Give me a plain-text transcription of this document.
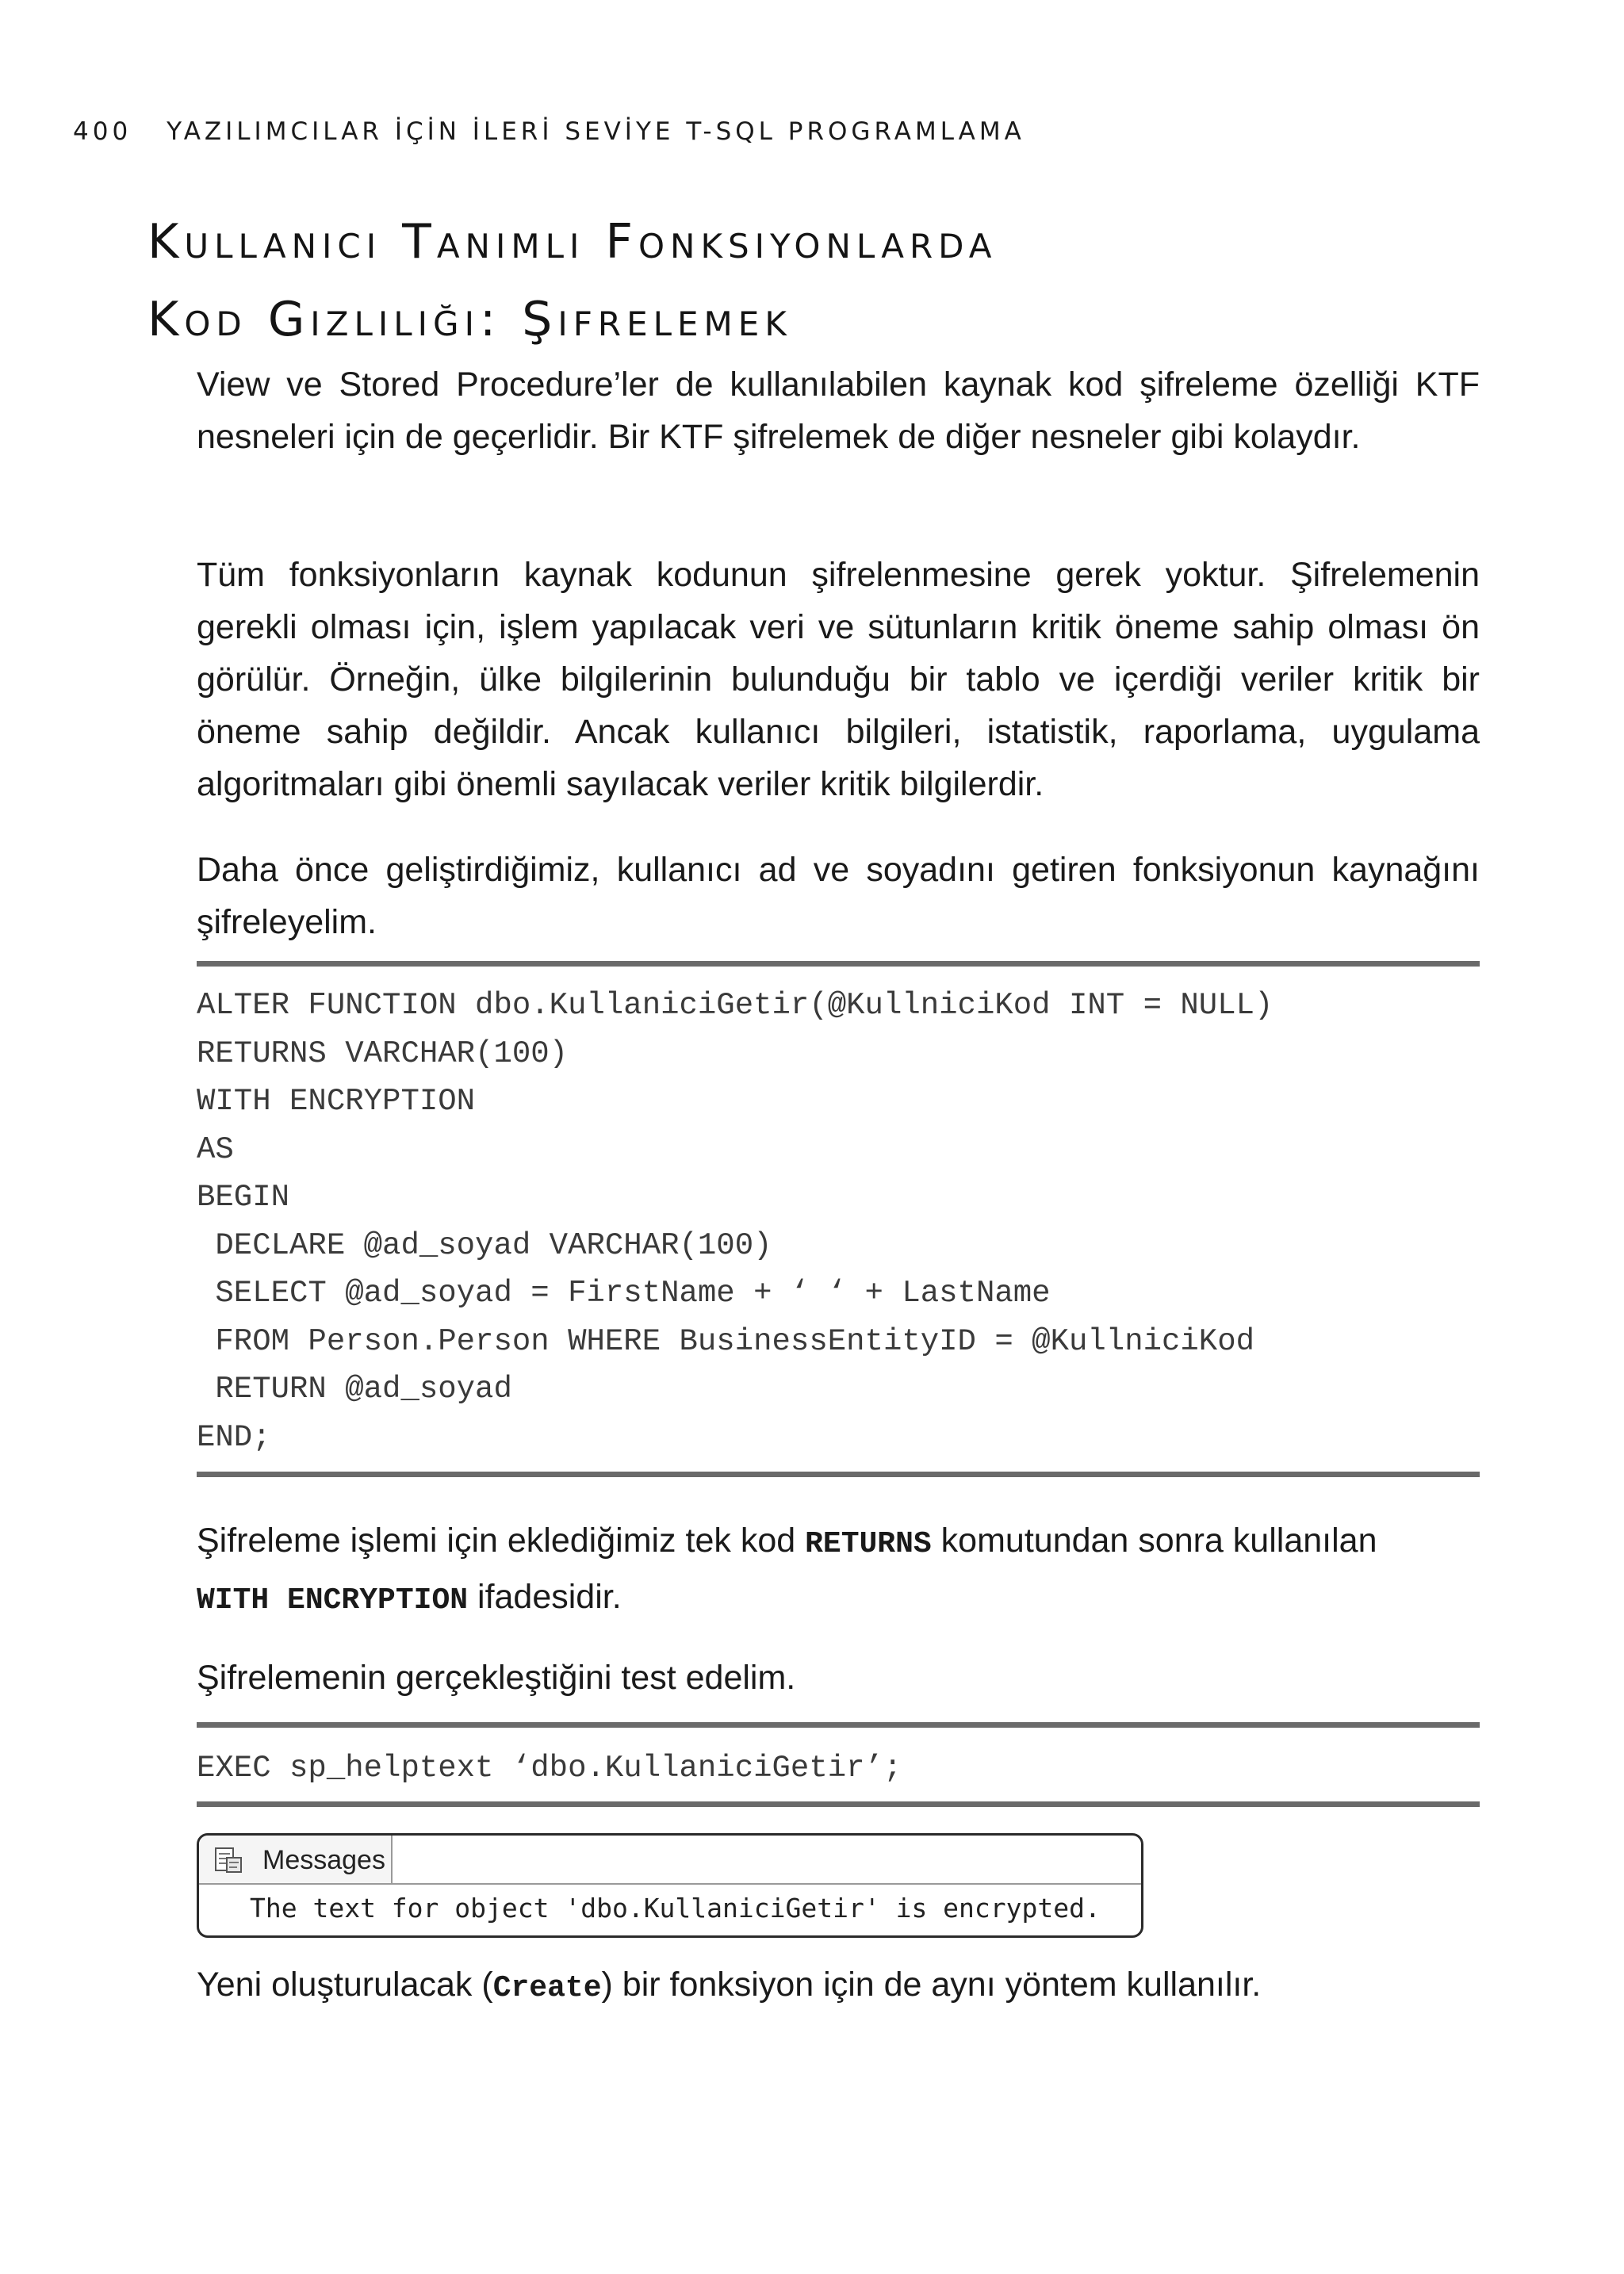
400 YAZILIMCILAR İÇİN İLERİ SEVİYE T-SQL PROGRAMLAMA
Kullanıcı Tanımlı Fonksiyonlarda
Kod Gizliliği: Şifrelemek

View ve Stored Procedure’ler de kullanılabilen kaynak kod şifreleme özelliği KTF nesneleri için de geçerlidir. Bir KTF şifrelemek de diğer nesneler gibi kolaydır.

Tüm fonksiyonların kaynak kodunun şifrelenmesine gerek yoktur. Şifrelemenin gerekli olması için, işlem yapılacak veri ve sütunların kritik öneme sahip olması ön görülür. Örneğin, ülke bilgilerinin bulunduğu bir tablo ve içerdiği veriler kritik bir öneme sahip değildir. Ancak kullanıcı bilgileri, istatistik, raporlama, uygulama algoritmaları gibi önemli sayılacak veriler kritik bilgilerdir.

Daha önce geliştirdiğimiz, kullanıcı ad ve soyadını getiren fonksiyonun kaynağını şifreleyelim.

ALTER FUNCTION dbo.KullaniciGetir(@KullniciKod INT = NULL)
RETURNS VARCHAR(100)
WITH ENCRYPTION
AS
BEGIN
DECLARE @ad_soyad VARCHAR(100)
SELECT @ad_soyad = FirstName + ‘ ‘ + LastName
FROM Person.Person WHERE BusinessEntityID = @KullniciKod
RETURN @ad_soyad
END;

Şifreleme işlemi için eklediğimiz tek kod RETURNS komutundan sonra kullanılan
WITH ENCRYPTION ifadesidir.

Şifrelemenin gerçekleştiğini test edelim.

EXEC sp_helptext ‘dbo.KullaniciGetir’;
Messages
The text for object 'dbo.KullaniciGetir' is encrypted.

Yeni oluşturulacak (Create) bir fonksiyon için de aynı yöntem kullanılır.
